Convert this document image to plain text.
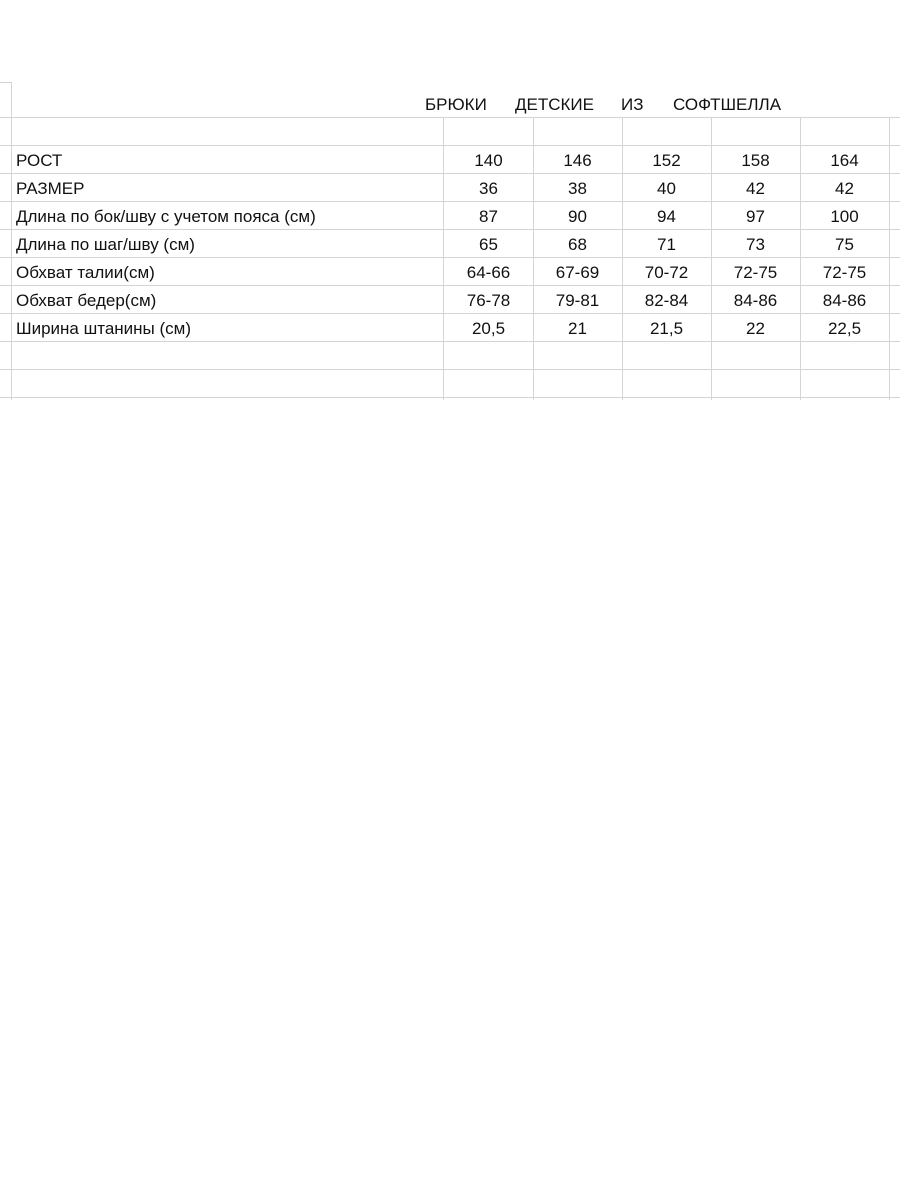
БРЮКИ ДЕТСКИЕ ИЗ СОФТШЕЛЛА
РОСТ	140	146	152	158	164
РАЗМЕР	36	38	40	42	42
Длина по бок/шву с учетом пояса (см)	87	90	94	97	100
Длина по шаг/шву (см)	65	68	71	73	75
Обхват талии(см)	64-66	67-69	70-72	72-75	72-75
Обхват бедер(см)	76-78	79-81	82-84	84-86	84-86
Ширина штанины (см)	20,5	21	21,5	22	22,5
